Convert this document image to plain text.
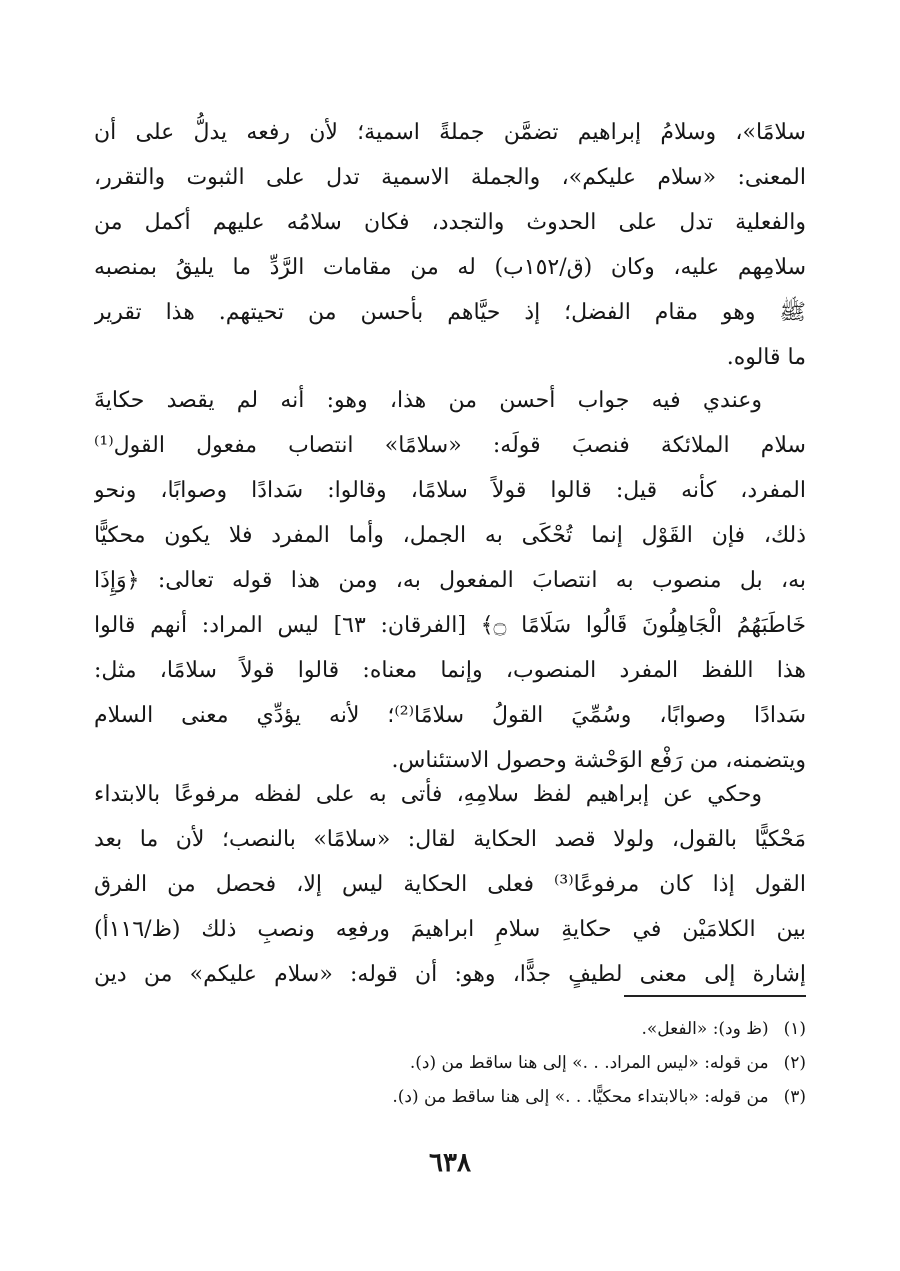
سلامًا»، وسلامُ إبراهيم تضمَّن جملةً اسمية؛ لأن رفعه يدلُّ على أن
المعنى: «سلام عليكم»، والجملة الاسمية تدل على الثبوت والتقرر،
والفعلية تدل على الحدوث والتجدد، فكان سلامُه عليهم أكمل من
سلامِهم عليه، وكان (ق/١٥٢ب) له من مقامات الرَّدِّ ما يليقُ بمنصبه
ﷺ وهو مقام الفضل؛ إذ حيَّاهم بأحسن من تحيتهم. هذا تقرير
ما قالوه.
وعندي فيه جواب أحسن من هذا، وهو: أنه لم يقصد حكايةَ
سلام الملائكة فنصبَ قولَه: «سلامًا» انتصاب مفعول القول⁽¹⁾
المفرد، كأنه قيل: قالوا قولاً سلامًا، وقالوا: سَدادًا وصوابًا، ونحو
ذلك، فإن القَوْل إنما تُحْكَى به الجمل، وأما المفرد فلا يكون محكيًّا
به، بل منصوب به انتصابَ المفعول به، ومن هذا قوله تعالى: ﴿وَإِذَا
خَاطَبَهُمُ الْجَاهِلُونَ قَالُوا سَلَامًا ۝﴾ [الفرقان: ٦٣] ليس المراد: أنهم قالوا
هذا اللفظ المفرد المنصوب، وإنما معناه: قالوا قولاً سلامًا، مثل:
سَدادًا وصوابًا، وسُمِّيَ القولُ سلامًا⁽²⁾؛ لأنه يؤدِّي معنى السلام
ويتضمنه، من رَفْع الوَحْشة وحصول الاستئناس.
وحكي عن إبراهيم لفظ سلامِهِ، فأتى به على لفظه مرفوعًا بالابتداء
مَحْكيًّا بالقول، ولولا قصد الحكاية لقال: «سلامًا» بالنصب؛ لأن ما بعد
القول إذا كان مرفوعًا⁽³⁾ فعلى الحكاية ليس إلا، فحصل من الفرق
بين الكلامَيْن في حكايةِ سلامِ ابراهيمَ ورفعِه ونصبِ ذلك (ظ/١١٦أ)
إشارة إلى معنى لطيفٍ جدًّا، وهو: أن قوله: «سلام عليكم» من دين
(١) (ظ ود): «الفعل».
(٢) من قوله: «ليس المراد. . .» إلى هنا ساقط من (د).
(٣) من قوله: «بالابتداء محكيًّا. . .» إلى هنا ساقط من (د).
٦٣٨
